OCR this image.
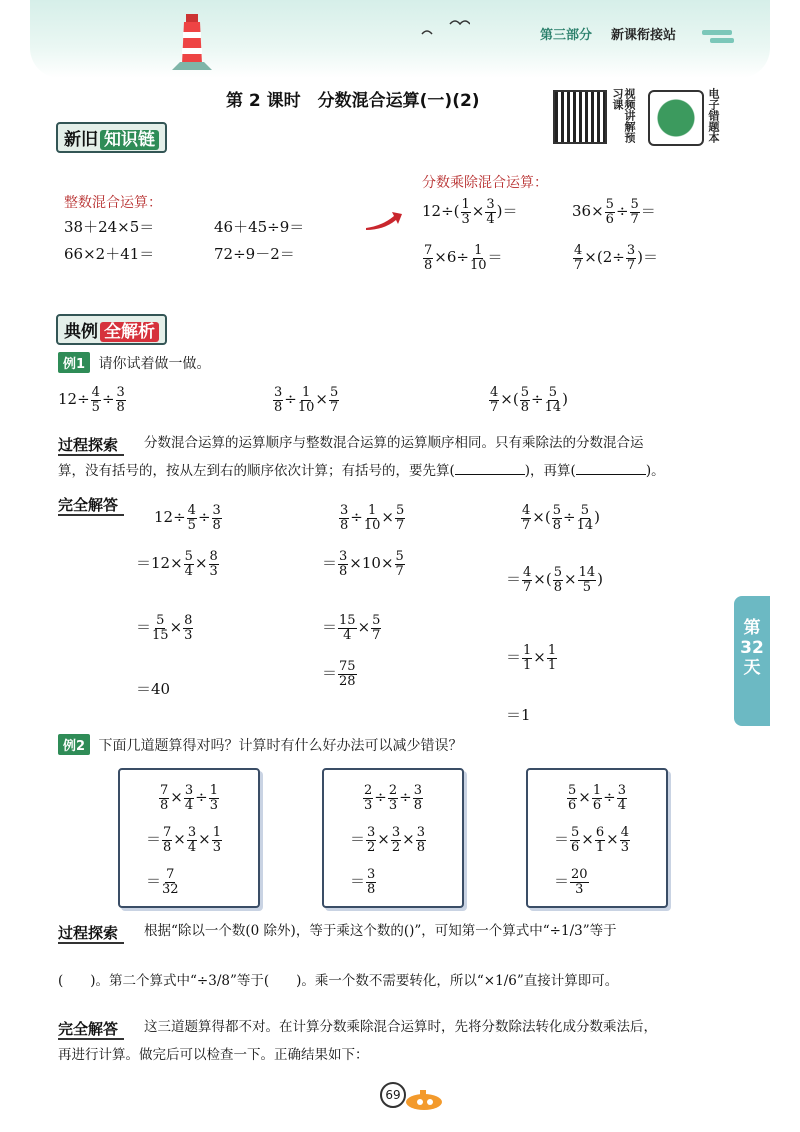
第三部分 新课衔接站
第 2 课时　分数混合运算(一)(2)	视频讲解预习课	电子错题本
新旧 知识链
整数混合运算：
38＋24×5＝	46＋45÷9＝
66×2＋41＝	72÷9－2＝
分数乘除混合运算：
$12\div( \frac{1}{3} \times \frac{3}{4}$ )＝	$36\times \frac{5}{6} \div \frac{5}{7}$ ＝
$\frac{7}{8} \times 6\div \frac{1}{10}$ ＝	$\frac{4}{7} \times(2\div \frac{3}{7}$ )＝
典例 全解析
例1 请你试着做一做。
$12\div \frac{4}{5} \div \frac{3}{8}$	$\frac{3}{8} \div \frac{1}{10} \times \frac{5}{7}$	$\frac{4}{7}$ ×( $\frac{5}{8} \div \frac{5}{14}$ )
过程探索	分数混合运算的运算顺序与整数混合运算的运算顺序相同。只有乘除法的分数混合运
算，没有括号的，按从左到右的顺序依次计算；有括号的，要先算(	)，再算(	)。
完全解答
$12\div \frac{4}{5} \div \frac{3}{8}$
$=12\times \frac{5}{4} \times \frac{8}{3}$
＝ $\frac{5}{15} \times \frac{8}{3}$
＝40
$\frac{3}{8} \div \frac{1}{10} \times \frac{5}{7}$
＝ $\frac{3}{8} \times 10\times \frac{5}{7}$
＝ $\frac{15}{4} \times \frac{5}{7}$
＝ $\frac{75}{28}$
$\frac{4}{7}$ ×( $\frac{5}{8} \div \frac{5}{14}$ )
＝ $\frac{4}{7}$ ×( $\frac{5}{8} \times \frac{14}{5}$ )
＝ $\frac{1}{1} \times \frac{1}{1}$
＝1
第
32
天
例2 下面几道题算得对吗？计算时有什么好办法可以减少错误？
$\frac{7}{8} \times \frac{3}{4} \div \frac{1}{3}$
＝ $\frac{7}{8} \times \frac{3}{4} \times \frac{1}{3}$
＝ $\frac{7}{32}$
$\frac{2}{3} \div \frac{2}{3} \div \frac{3}{8}$
＝ $\frac{3}{2} \times \frac{3}{2} \times \frac{3}{8}$
＝ $\frac{3}{8}$
$\frac{5}{6} \times \frac{1}{6} \div \frac{3}{4}$
＝ $\frac{5}{6} \times \frac{6}{1} \times \frac{4}{3}$
＝ $\frac{20}{3}$
过程探索	根据“除以一个数(0 除外)，等于乘这个数的()”，可知第一个算式中“÷1/3”等于
(　　)。第二个算式中“÷3/8”等于(　　)。乘一个数不需要转化，所以“×1/6”直接计算即可。
完全解答	这三道题算得都不对。在计算分数乘除混合运算时，先将分数除法转化成分数乘法后，
再进行计算。做完后可以检查一下。正确结果如下：
69
